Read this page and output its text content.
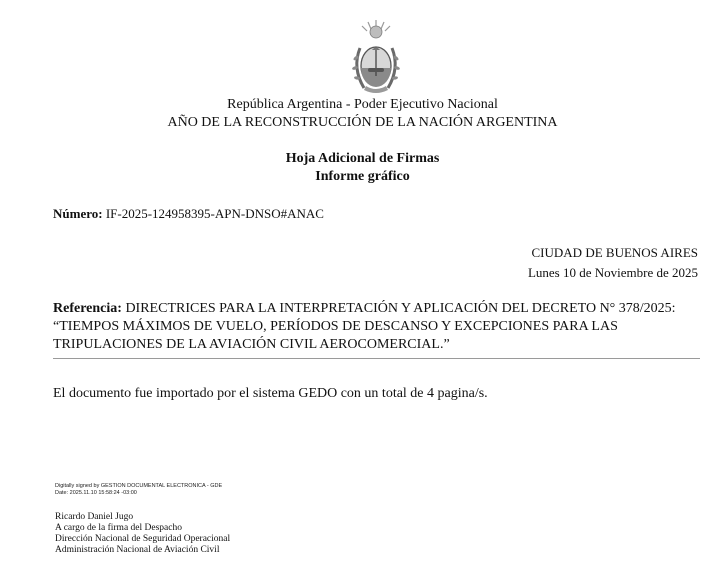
República Argentina - Poder Ejecutivo Nacional
AÑO DE LA RECONSTRUCCIÓN DE LA NACIÓN ARGENTINA
Hoja Adicional de Firmas
Informe gráfico
Número: IF-2025-124958395-APN-DNSO#ANAC
CIUDAD DE BUENOS AIRES
Lunes 10 de Noviembre de 2025
Referencia: DIRECTRICES PARA LA INTERPRETACIÓN Y APLICACIÓN DEL DECRETO N° 378/2025: “TIEMPOS MÁXIMOS DE VUELO, PERÍODOS DE DESCANSO Y EXCEPCIONES PARA LAS TRIPULACIONES DE LA AVIACIÓN CIVIL AEROCOMERCIAL.”
El documento fue importado por el sistema GEDO con un total de 4 pagina/s.
Digitally signed by GESTION DOCUMENTAL ELECTRONICA - GDE
Date: 2025.11.10 15:58:24 -03:00
Ricardo Daniel Jugo
A cargo de la firma del Despacho
Dirección Nacional de Seguridad Operacional
Administración Nacional de Aviación Civil
